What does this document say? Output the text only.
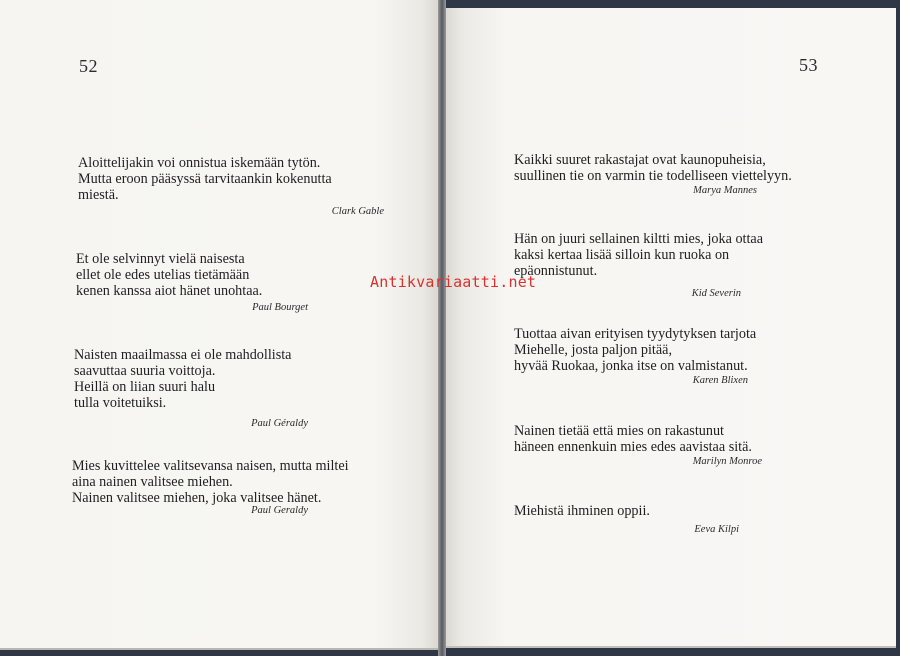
52
Aloittelijakin voi onnistua iskemään tytön.
Mutta eroon pääsyssä tarvitaankin kokenutta
miestä.
Clark Gable
Et ole selvinnyt vielä naisesta
ellet ole edes utelias tietämään
kenen kanssa aiot hänet unohtaa.
Paul Bourget
Naisten maailmassa ei ole mahdollista
saavuttaa suuria voittoja.
Heillä on liian suuri halu
tulla voitetuiksi.
Paul Géraldy
Mies kuvittelee valitsevansa naisen, mutta miltei
aina nainen valitsee miehen.
Nainen valitsee miehen, joka valitsee hänet.
Paul Geraldy
53
Kaikki suuret rakastajat ovat kaunopuheisia,
suullinen tie on varmin tie todelliseen viettelyyn.
Marya Mannes
Hän on juuri sellainen kiltti mies, joka ottaa
kaksi kertaa lisää silloin kun ruoka on
epäonnistunut.
Kid Severin
Tuottaa aivan erityisen tyydytyksen tarjota
Miehelle, josta paljon pitää,
hyvää Ruokaa, jonka itse on valmistanut.
Karen Blixen
Nainen tietää että mies on rakastunut
häneen ennenkuin mies edes aavistaa sitä.
Marilyn Monroe
Miehistä ihminen oppii.
Eeva Kilpi
Antikvariaatti.net
